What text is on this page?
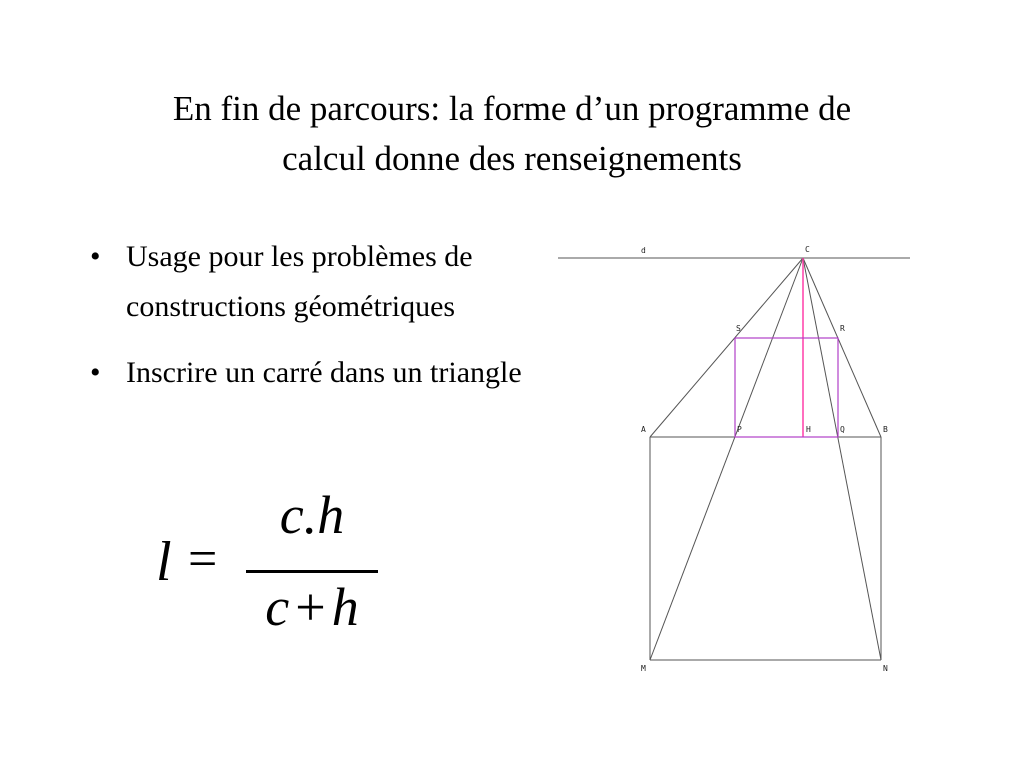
En fin de parcours: la forme d’un programme de
calcul donne des renseignements
• Usage pour les problèmes de constructions géométriques
• Inscrire un carré dans un triangle
l =
c.h
c + h
d	C
S	R
A	P	H	Q	B
M	N
